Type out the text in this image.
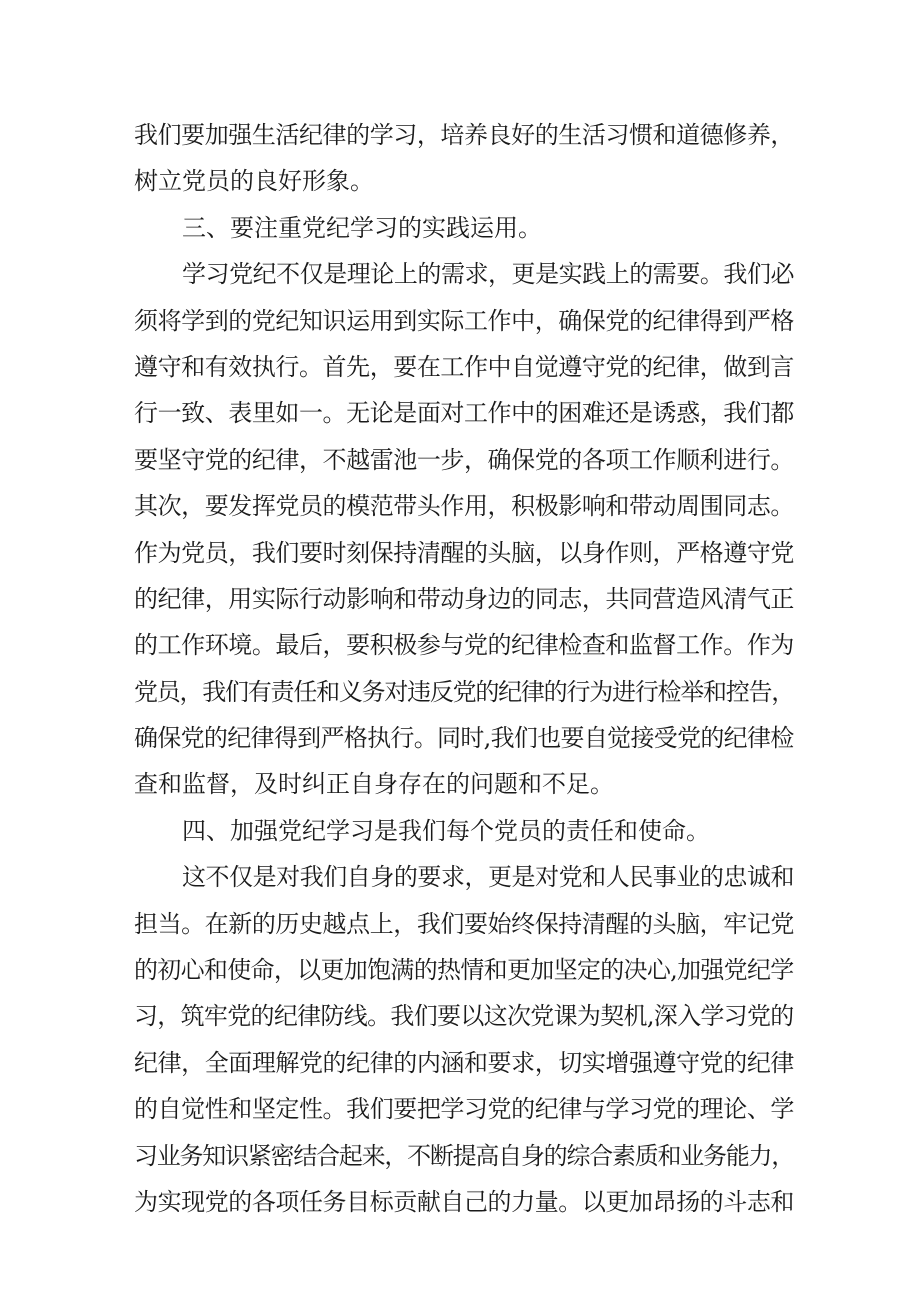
我们要加强生活纪律的学习，培养良好的生活习惯和道德修养，
树立党员的良好形象。
三、要注重党纪学习的实践运用。
学习党纪不仅是理论上的需求，更是实践上的需要。我们必
须将学到的党纪知识运用到实际工作中，确保党的纪律得到严格
遵守和有效执行。首先，要在工作中自觉遵守党的纪律，做到言
行一致、表里如一。无论是面对工作中的困难还是诱惑，我们都
要坚守党的纪律，不越雷池一步，确保党的各项工作顺利进行。
其次，要发挥党员的模范带头作用，积极影响和带动周围同志。
作为党员，我们要时刻保持清醒的头脑，以身作则，严格遵守党
的纪律，用实际行动影响和带动身边的同志，共同营造风清气正
的工作环境。最后，要积极参与党的纪律检查和监督工作。作为
党员，我们有责任和义务对违反党的纪律的行为进行检举和控告，
确保党的纪律得到严格执行。同时,我们也要自觉接受党的纪律检
查和监督，及时纠正自身存在的问题和不足。
四、加强党纪学习是我们每个党员的责任和使命。
这不仅是对我们自身的要求，更是对党和人民事业的忠诚和
担当。在新的历史越点上，我们要始终保持清醒的头脑，牢记党
的初心和使命，以更加饱满的热情和更加坚定的决心,加强党纪学
习，筑牢党的纪律防线。我们要以这次党课为契机,深入学习党的
纪律，全面理解党的纪律的内涵和要求，切实增强遵守党的纪律
的自觉性和坚定性。我们要把学习党的纪律与学习党的理论、学
习业务知识紧密结合起来，不断提高自身的综合素质和业务能力，
为实现党的各项任务目标贡献自己的力量。以更加昂扬的斗志和
